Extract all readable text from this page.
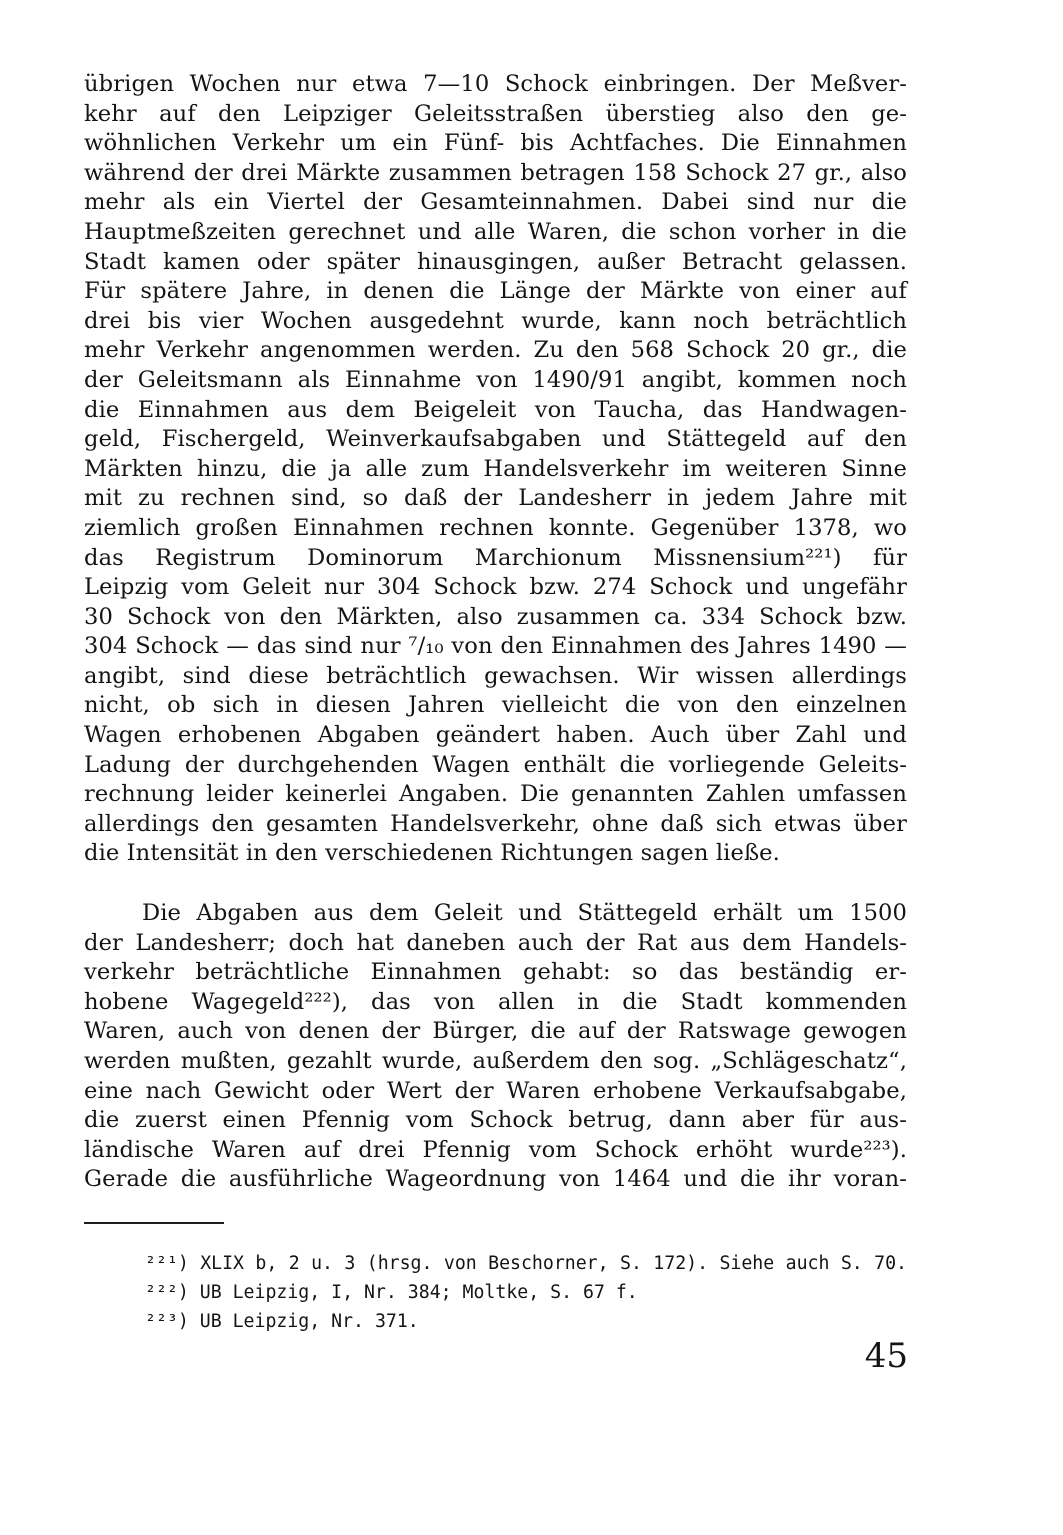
übrigen Wochen nur etwa 7—10 Schock einbringen. Der Meßver-
kehr auf den Leipziger Geleitsstraßen überstieg also den ge-
wöhnlichen Verkehr um ein Fünf- bis Achtfaches. Die Einnahmen
während der drei Märkte zusammen betragen 158 Schock 27 gr., also
mehr als ein Viertel der Gesamteinnahmen. Dabei sind nur die
Hauptmeßzeiten gerechnet und alle Waren, die schon vorher in die
Stadt kamen oder später hinausgingen, außer Betracht gelassen.
Für spätere Jahre, in denen die Länge der Märkte von einer auf
drei bis vier Wochen ausgedehnt wurde, kann noch beträchtlich
mehr Verkehr angenommen werden. Zu den 568 Schock 20 gr., die
der Geleitsmann als Einnahme von 1490/91 angibt, kommen noch
die Einnahmen aus dem Beigeleit von Taucha, das Handwagen-
geld, Fischergeld, Weinverkaufsabgaben und Stättegeld auf den
Märkten hinzu, die ja alle zum Handelsverkehr im weiteren Sinne
mit zu rechnen sind, so daß der Landesherr in jedem Jahre mit
ziemlich großen Einnahmen rechnen konnte. Gegenüber 1378, wo
das Registrum Dominorum Marchionum Missnensium²²¹) für
Leipzig vom Geleit nur 304 Schock bzw. 274 Schock und ungefähr
30 Schock von den Märkten, also zusammen ca. 334 Schock bzw.
304 Schock — das sind nur ⁷/₁₀ von den Einnahmen des Jahres 1490 —
angibt, sind diese beträchtlich gewachsen. Wir wissen allerdings
nicht, ob sich in diesen Jahren vielleicht die von den einzelnen
Wagen erhobenen Abgaben geändert haben. Auch über Zahl und
Ladung der durchgehenden Wagen enthält die vorliegende Geleits-
rechnung leider keinerlei Angaben. Die genannten Zahlen umfassen
allerdings den gesamten Handelsverkehr, ohne daß sich etwas über
die Intensität in den verschiedenen Richtungen sagen ließe.
Die Abgaben aus dem Geleit und Stättegeld erhält um 1500
der Landesherr; doch hat daneben auch der Rat aus dem Handels-
verkehr beträchtliche Einnahmen gehabt: so das beständig er-
hobene Wagegeld²²²), das von allen in die Stadt kommenden
Waren, auch von denen der Bürger, die auf der Ratswage gewogen
werden mußten, gezahlt wurde, außerdem den sog. „Schlägeschatz“,
eine nach Gewicht oder Wert der Waren erhobene Verkaufsabgabe,
die zuerst einen Pfennig vom Schock betrug, dann aber für aus-
ländische Waren auf drei Pfennig vom Schock erhöht wurde²²³).
Gerade die ausführliche Wageordnung von 1464 und die ihr voran-
²²¹) XLIX b, 2 u. 3 (hrsg. von Beschorner, S. 172). Siehe auch S. 70.
²²²) UB Leipzig, I, Nr. 384; Moltke, S. 67 f.
²²³) UB Leipzig, Nr. 371.
45
